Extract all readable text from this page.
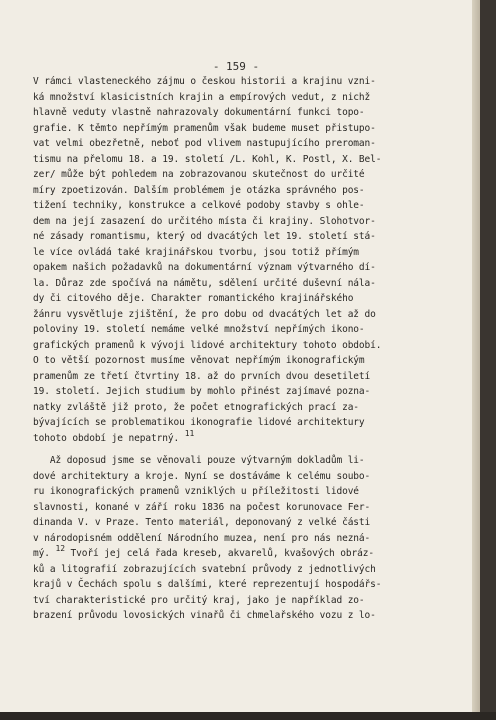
- 159 -
V rámci vlasteneckého zájmu o českou historii a krajinu vzni-
ká množství klasicistních krajin a empírových vedut, z nichž
hlavně veduty vlastně nahrazovaly dokumentární funkci topo-
grafie. K těmto nepřímým pramenům však budeme muset přistupo-
vat velmi obezřetně, neboť pod vlivem nastupujícího preroman-
tismu na přelomu 18. a 19. století /L. Kohl, K. Postl, X. Bel-
zer/ může být pohledem na zobrazovanou skutečnost do určité
míry zpoetizován. Dalším problémem je otázka správného pos-
tižení techniky, konstrukce a celkové podoby stavby s ohle-
dem na její zasazení do určitého místa či krajiny. Slohotvor-
né zásady romantismu, který od dvacátých let 19. století stá-
le více ovládá také krajinářskou tvorbu, jsou totiž přímým
opakem našich požadavků na dokumentární význam výtvarného dí-
la. Důraz zde spočívá na námětu, sdělení určité duševní nála-
dy či citového děje. Charakter romantického krajinářského
žánru vysvětluje zjištění, že pro dobu od dvacátých let až do
poloviny 19. století nemáme velké množství nepřímých ikono-
grafických pramenů k vývoji lidové architektury tohoto období.
O to větší pozornost musíme věnovat nepřímým ikonografickým
pramenům ze třetí čtvrtiny 18. až do prvních dvou desetiletí
19. století. Jejich studium by mohlo přinést zajímavé pozna-
natky zvláště již proto, že počet etnografických prací za-
bývajících se problematikou ikonografie lidové architektury
tohoto období je nepatrný. $^{11}$
Až doposud jsme se věnovali pouze výtvarným dokladům li-
dové architektury a kroje. Nyní se dostáváme k celému soubo-
ru ikonografických pramenů vzniklých u příležitosti lidové
slavnosti, konané v září roku 1836 na počest korunovace Fer-
dinanda V. v Praze. Tento materiál, deponovaný z velké části
v národopisném oddělení Národního muzea, není pro nás nezná-
mý. $^{12}$ Tvoří jej celá řada kreseb, akvarelů, kvašových obráz-
ků a litografií zobrazujících svatební průvody z jednotlivých
krajů v Čechách spolu s dalšími, které reprezentují hospodářs-
tví charakteristické pro určitý kraj, jako je například zo-
brazení průvodu lovosických vinařů či chmelařského vozu z lo-
